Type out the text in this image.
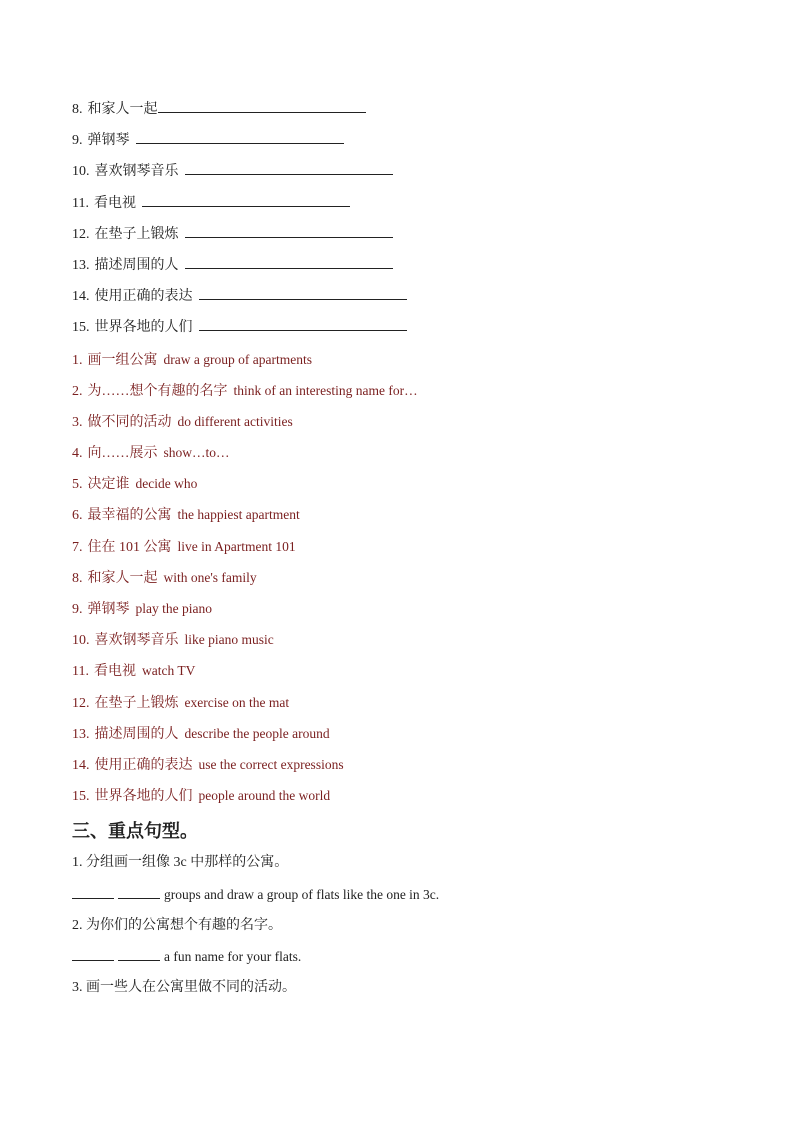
8. 和家人一起
9. 弹钢琴
10. 喜欢钢琴音乐
11. 看电视
12. 在垫子上锻炼
13. 描述周围的人
14. 使用正确的表达
15. 世界各地的人们
1. 画一组公寓 draw a group of apartments
2. 为……想个有趣的名字 think of an interesting name for…
3. 做不同的活动 do different activities
4. 向……展示 show…to…
5. 决定谁 decide who
6. 最幸福的公寓 the happiest apartment
7. 住在 101 公寓 live in Apartment 101
8. 和家人一起 with one's family
9. 弹钢琴 play the piano
10. 喜欢钢琴音乐 like piano music
11. 看电视 watch TV
12. 在垫子上锻炼 exercise on the mat
13. 描述周围的人 describe the people around
14. 使用正确的表达 use the correct expressions
15. 世界各地的人们 people around the world
三、重点句型。
1. 分组画一组像 3c 中那样的公寓。
groups and draw a group of flats like the one in 3c.
2. 为你们的公寓想个有趣的名字。
a fun name for your flats.
3. 画一些人在公寓里做不同的活动。
